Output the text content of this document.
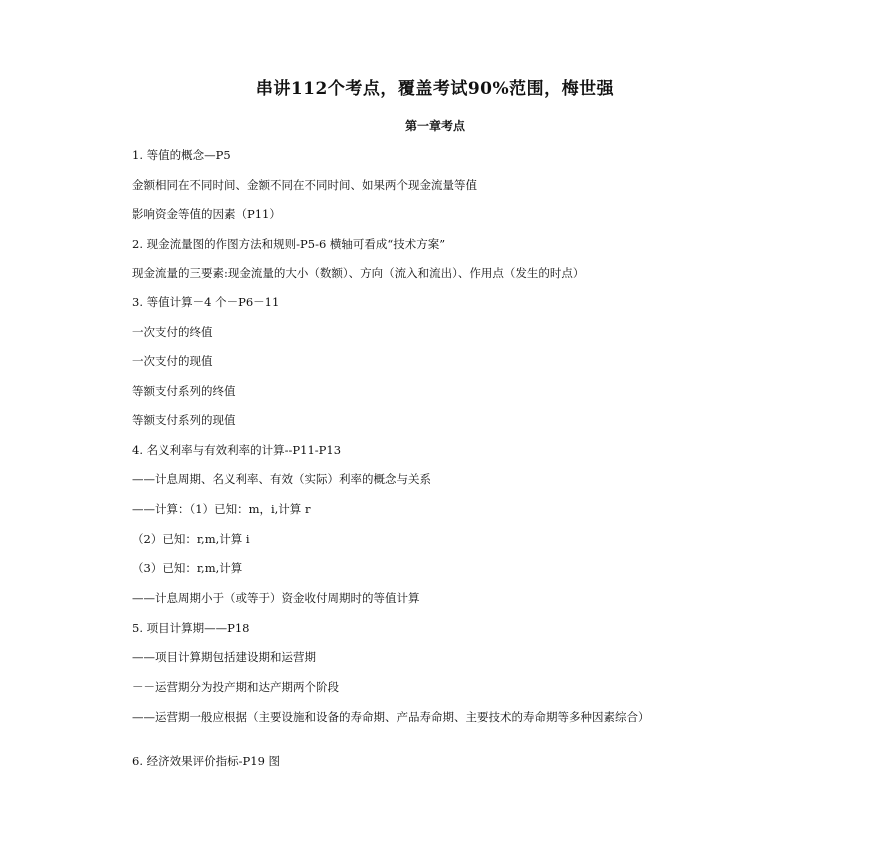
串讲112个考点，覆盖考试90%范围，梅世强
第一章考点
1. 等值的概念—P5
金额相同在不同时间、金额不同在不同时间、如果两个现金流量等值
影响资金等值的因素（P11）
2. 现金流量图的作图方法和规则-P5-6 横轴可看成“技术方案”
现金流量的三要素:现金流量的大小（数额）、方向（流入和流出）、作用点（发生的时点）
3. 等值计算－4 个－P6－11
一次支付的终值
一次支付的现值
等额支付系列的终值
等额支付系列的现值
4. 名义利率与有效利率的计算--P11-P13
——计息周期、名义利率、有效（实际）利率的概念与关系
——计算：（1）已知：m，i,计算 r
（2）已知：r,m,计算 i
（3）已知：r,m,计算
——计息周期小于（或等于）资金收付周期时的等值计算
5. 项目计算期——P18
——项目计算期包括建设期和运营期
－－运营期分为投产期和达产期两个阶段
——运营期一般应根据（主要设施和设备的寿命期、产品寿命期、主要技术的寿命期等多种因素综合）
6. 经济效果评价指标-P19 图
